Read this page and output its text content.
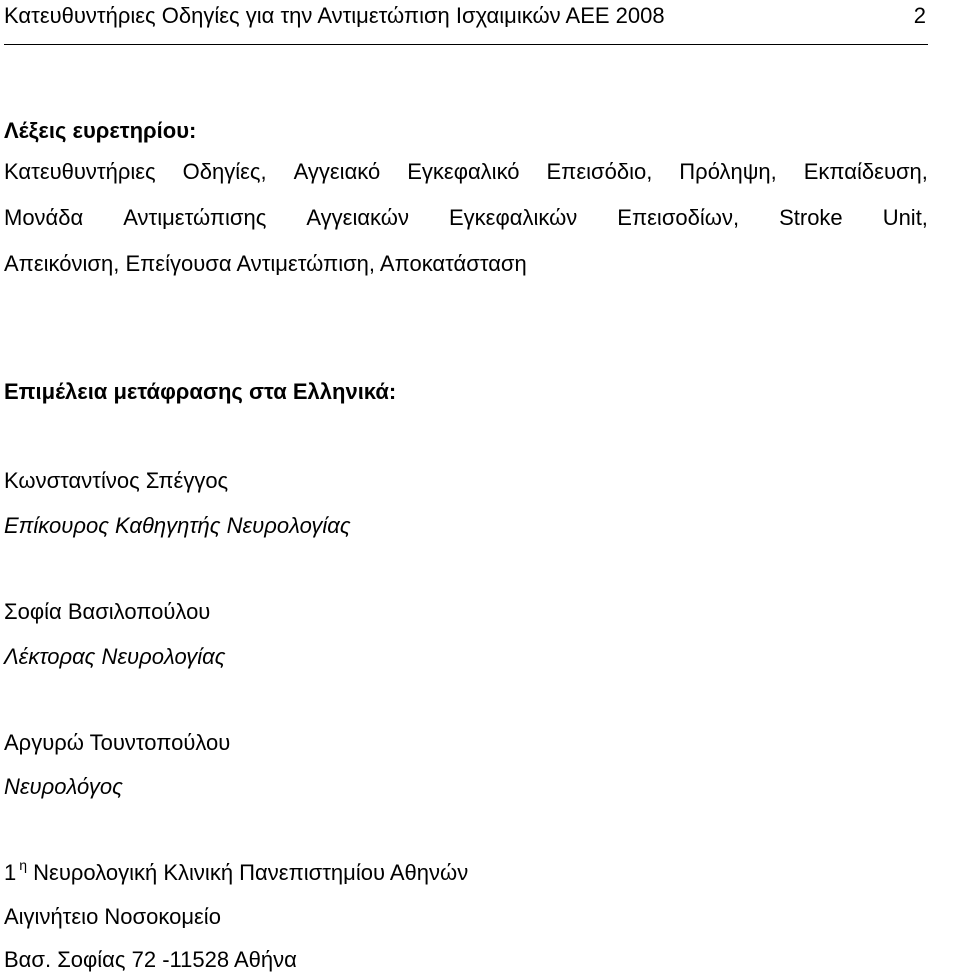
Κατευθυντήριες Οδηγίες για την Αντιμετώπιση Ισχαιμικών ΑΕΕ 2008	2
Λέξεις ευρετηρίου:
Κατευθυντήριες Οδηγίες, Αγγειακό Εγκεφαλικό Επεισόδιο, Πρόληψη, Εκπαίδευση,
Μονάδα Αντιμετώπισης Αγγειακών Εγκεφαλικών Επεισοδίων, Stroke Unit,
Απεικόνιση, Επείγουσα Αντιμετώπιση, Αποκατάσταση
Επιμέλεια μετάφρασης στα Ελληνικά:
Κωνσταντίνος Σπέγγος
Επίκουρος Καθηγητής Νευρολογίας
Σοφία Βασιλοπούλου
Λέκτορας Νευρολογίας
Αργυρώ Τουντοπούλου
Νευρολόγος
1 $^\eta$ Νευρολογική Κλινική Πανεπιστημίου Αθηνών
Αιγινήτειο Νοσοκομείο
Βασ. Σοφίας 72 -11528 Αθήνα
